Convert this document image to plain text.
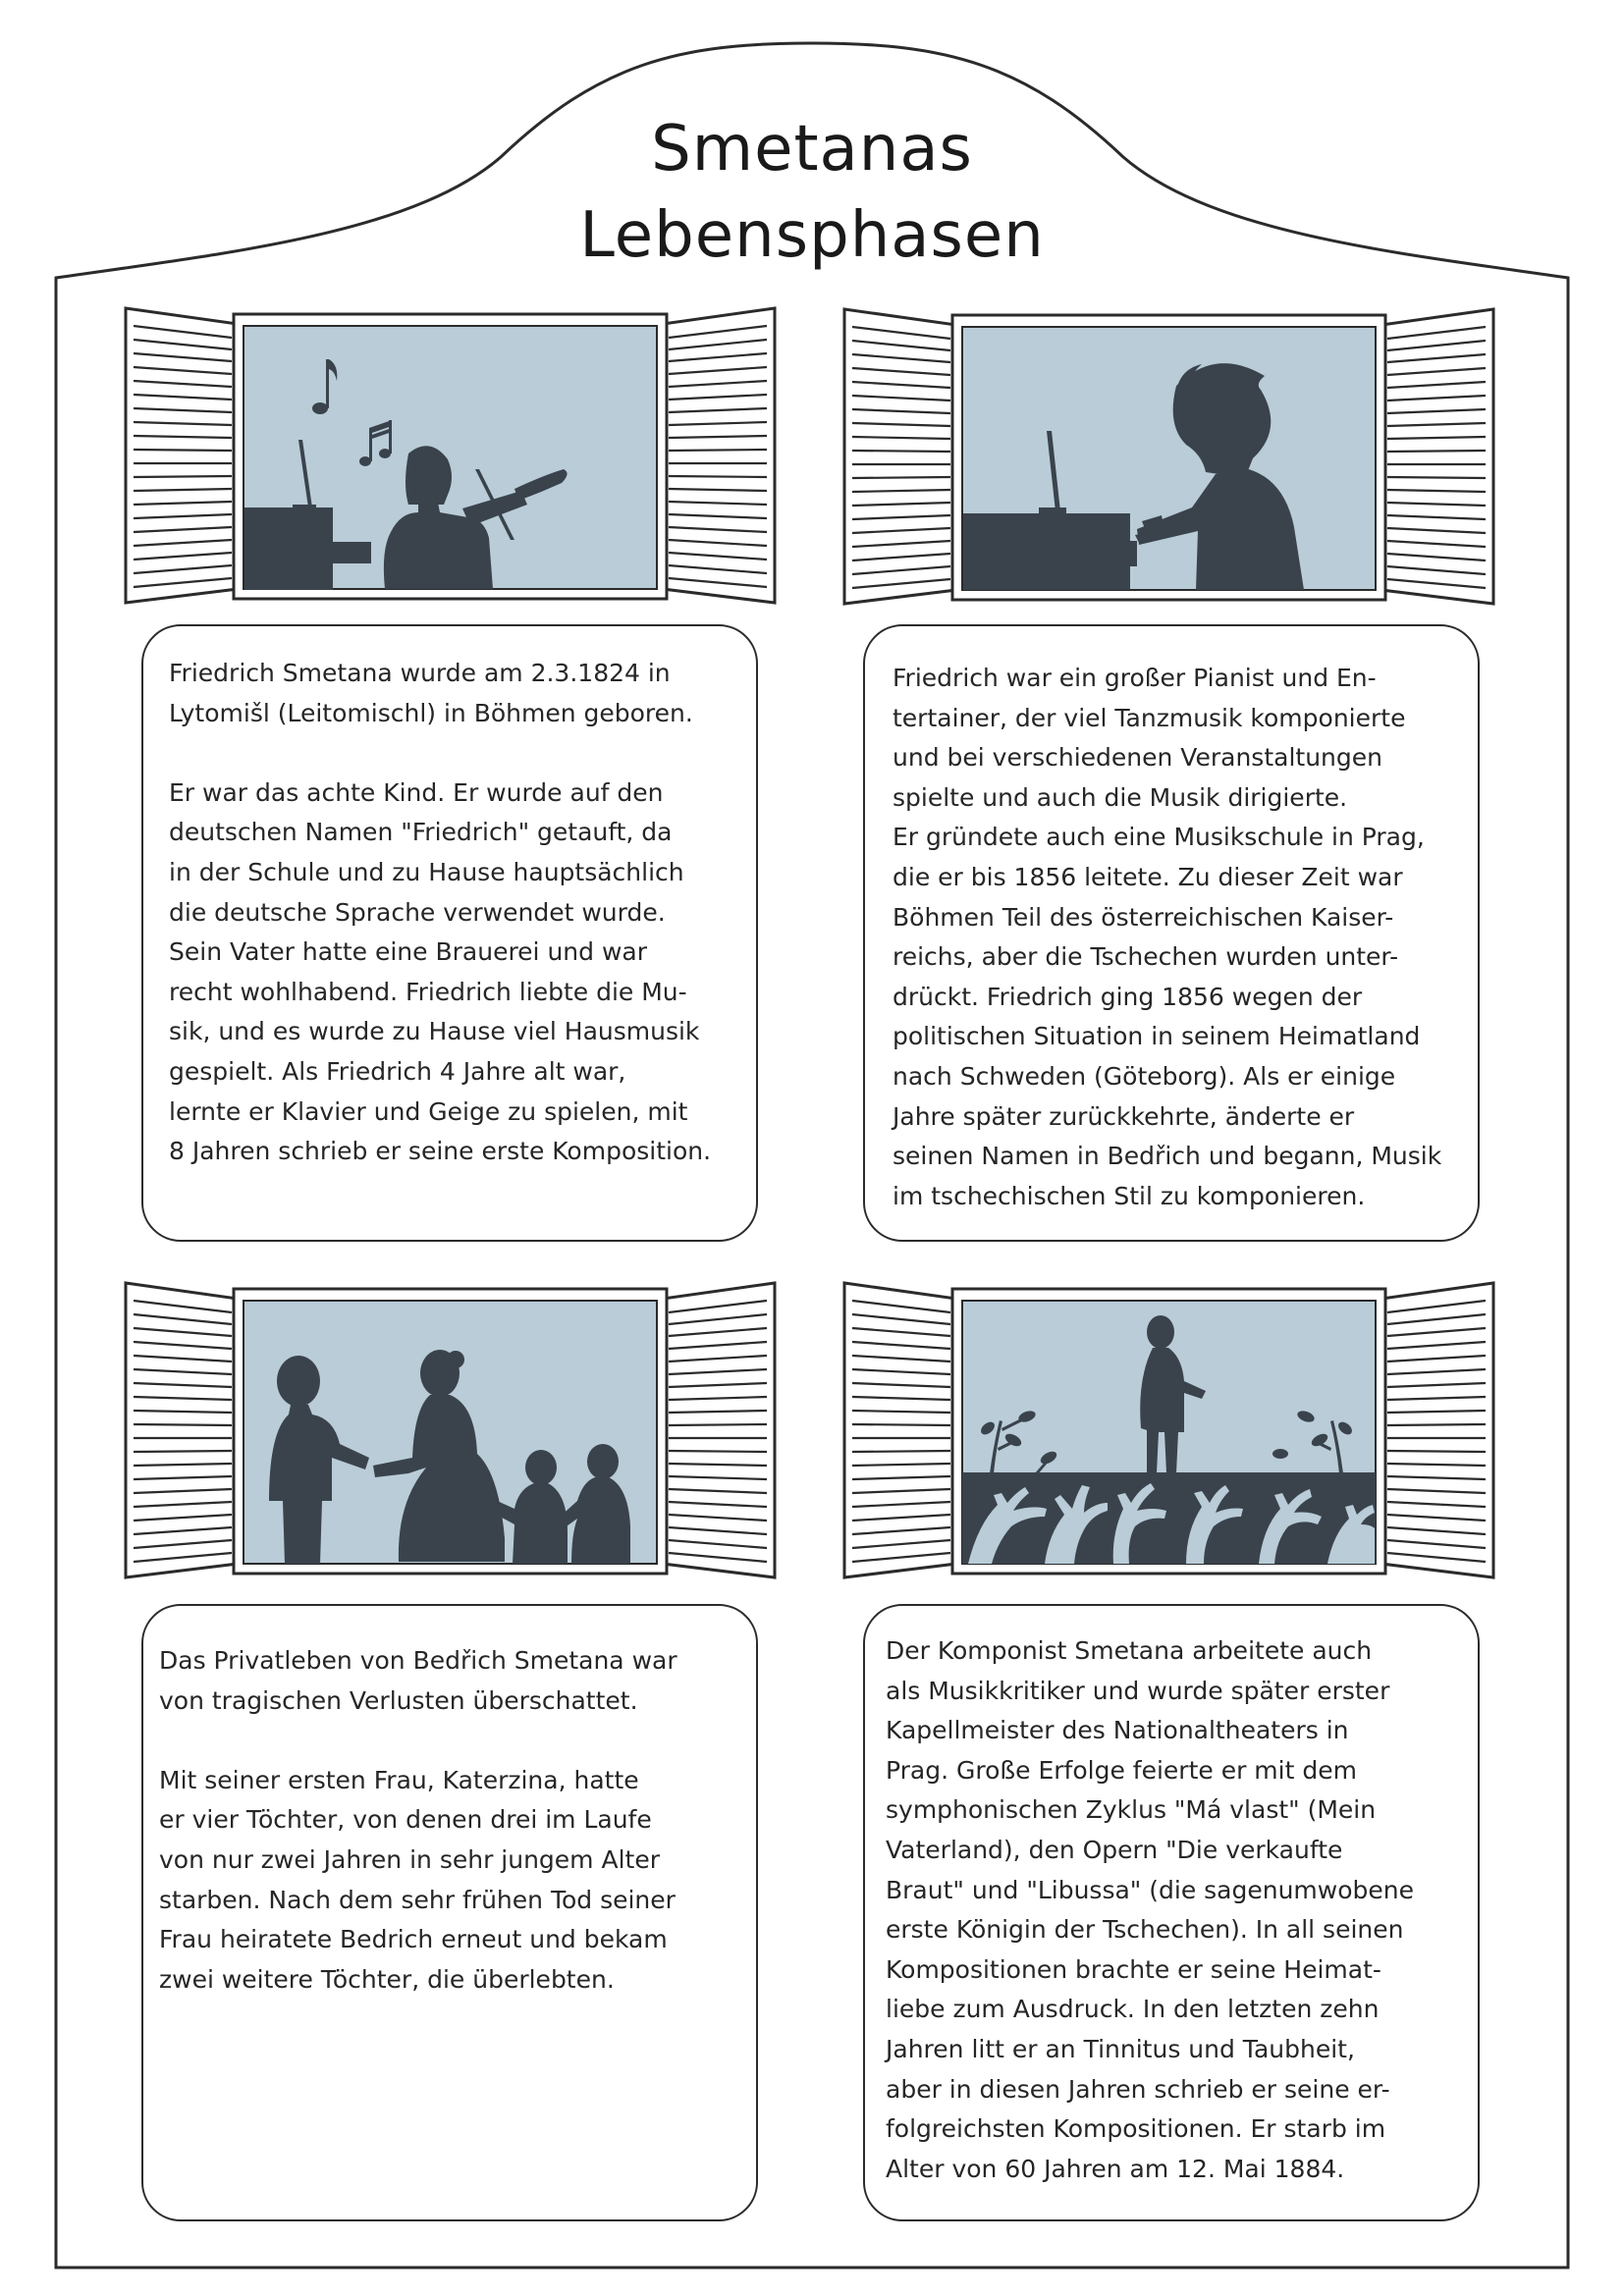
Smetanas
Lebensphasen

Friedrich Smetana wurde am 2.3.1824 in
Lytomišl (Leitomischl) in Böhmen geboren.

Er war das achte Kind. Er wurde auf den
deutschen Namen "Friedrich" getauft, da
in der Schule und zu Hause hauptsächlich
die deutsche Sprache verwendet wurde.
Sein Vater hatte eine Brauerei und war
recht wohlhabend. Friedrich liebte die Mu-
sik, und es wurde zu Hause viel Hausmusik
gespielt. Als Friedrich 4 Jahre alt war,
lernte er Klavier und Geige zu spielen, mit
8 Jahren schrieb er seine erste Komposition.

Friedrich war ein großer Pianist und En-
tertainer, der viel Tanzmusik komponierte
und bei verschiedenen Veranstaltungen
spielte und auch die Musik dirigierte.
Er gründete auch eine Musikschule in Prag,
die er bis 1856 leitete. Zu dieser Zeit war
Böhmen Teil des österreichischen Kaiser-
reichs, aber die Tschechen wurden unter-
drückt. Friedrich ging 1856 wegen der
politischen Situation in seinem Heimatland
nach Schweden (Göteborg). Als er einige
Jahre später zurückkehrte, änderte er
seinen Namen in Bedřich und begann, Musik
im tschechischen Stil zu komponieren.

Das Privatleben von Bedřich Smetana war
von tragischen Verlusten überschattet.

Mit seiner ersten Frau, Katerzina, hatte
er vier Töchter, von denen drei im Laufe
von nur zwei Jahren in sehr jungem Alter
starben. Nach dem sehr frühen Tod seiner
Frau heiratete Bedrich erneut und bekam
zwei weitere Töchter, die überlebten.

Der Komponist Smetana arbeitete auch
als Musikkritiker und wurde später erster
Kapellmeister des Nationaltheaters in
Prag. Große Erfolge feierte er mit dem
symphonischen Zyklus "Má vlast" (Mein
Vaterland), den Opern "Die verkaufte
Braut" und "Libussa" (die sagenumwobene
erste Königin der Tschechen). In all seinen
Kompositionen brachte er seine Heimat-
liebe zum Ausdruck. In den letzten zehn
Jahren litt er an Tinnitus und Taubheit,
aber in diesen Jahren schrieb er seine er-
folgreichsten Kompositionen. Er starb im
Alter von 60 Jahren am 12. Mai 1884.
